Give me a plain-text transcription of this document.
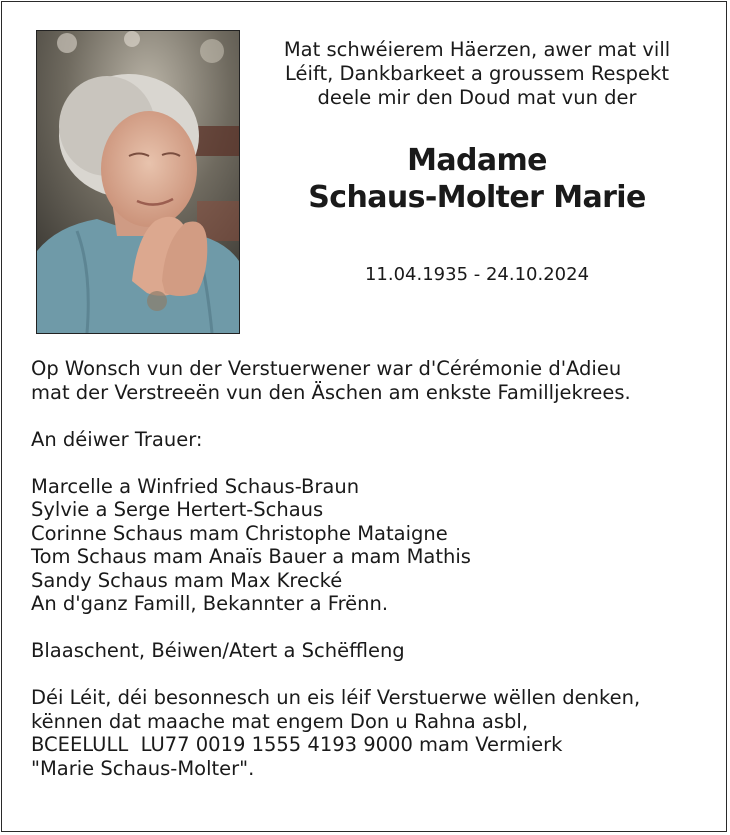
Mat schwéierem Häerzen, awer mat vill
Léift, Dankbarkeet a groussem Respekt
deele mir den Doud mat vun der
Madame
Schaus-Molter Marie
11.04.1935 - 24.10.2024
Op Wonsch vun der Verstuerwener war d'Cérémonie d'Adieu
mat der Verstreeën vun den Äschen am enkste Familljekrees.
An déiwer Trauer:
Marcelle a Winfried Schaus-Braun
Sylvie a Serge Hertert-Schaus
Corinne Schaus mam Christophe Mataigne
Tom Schaus mam Anaïs Bauer a mam Mathis
Sandy Schaus mam Max Krecké
An d'ganz Famill, Bekannter a Frënn.
Blaaschent, Béiwen/Atert a Schëffleng
Déi Léit, déi besonnesch un eis léif Verstuerwe wëllen denken,
kënnen dat maache mat engem Don u Rahna asbl,
BCEELULL  LU77 0019 1555 4193 9000 mam Vermierk
"Marie Schaus-Molter".
